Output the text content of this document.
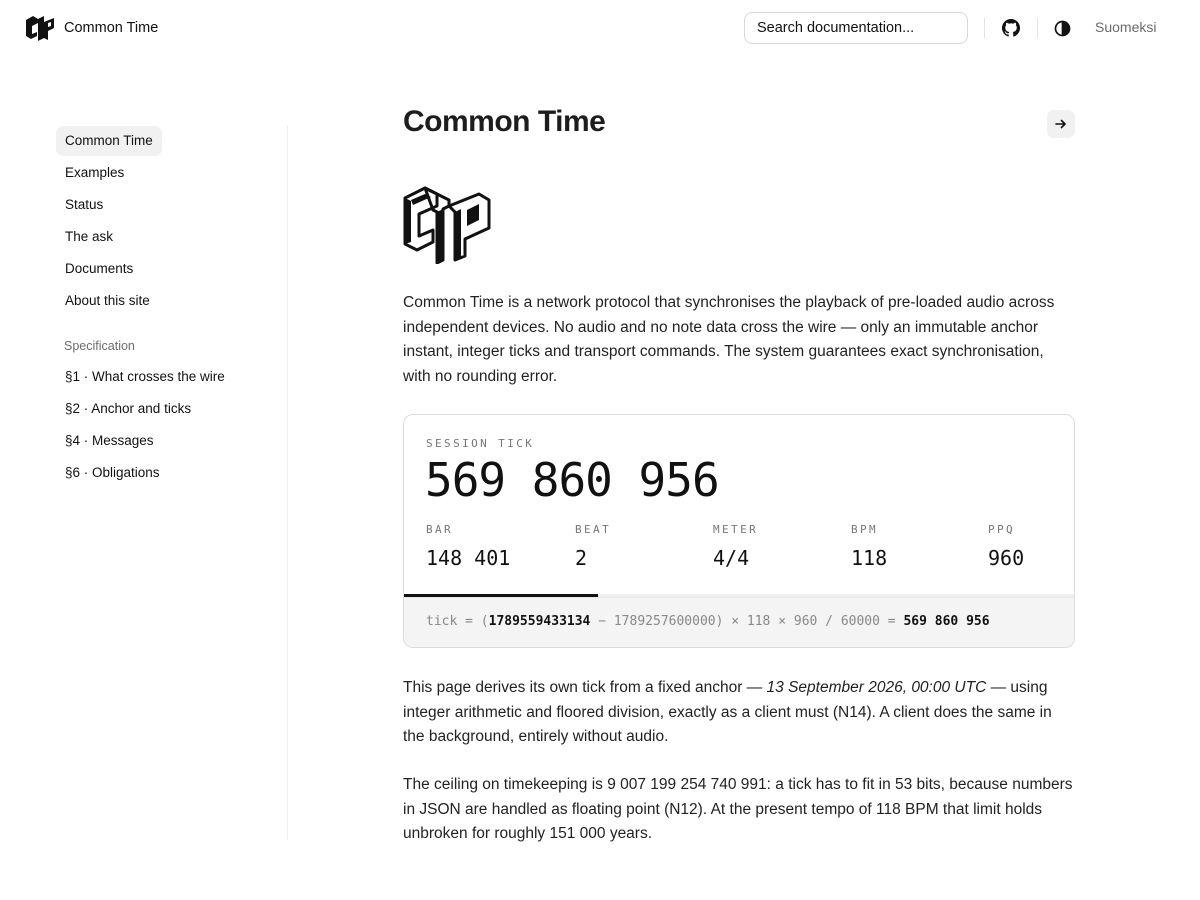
Common Time
Search documentation...	Suomeksi
Common Time
Examples
Status
The ask
Documents
About this site
Specification
§1 · What crosses the wire
§2 · Anchor and ticks
§4 · Messages
§6 · Obligations
Common Time

Common Time is a network protocol that synchronises the playback of pre-loaded audio across independent devices. No audio and no note data cross the wire — only an immutable anchor instant, integer ticks and transport commands. The system guarantees exact synchronisation, with no rounding error.

SESSION TICK
569 860 956
BAR
148 401
BEAT
2
METER
4/4
BPM
118
PPQ
960
tick = (1789559433134 − 1789257600000) × 118 × 960 / 60000 = 569 860 956

This page derives its own tick from a fixed anchor — 13 September 2026, 00:00 UTC — using integer arithmetic and floored division, exactly as a client must (N14). A client does the same in the background, entirely without audio.

The ceiling on timekeeping is 9 007 199 254 740 991: a tick has to fit in 53 bits, because numbers in JSON are handled as floating point (N12). At the present tempo of 118 BPM that limit holds unbroken for roughly 151 000 years.
